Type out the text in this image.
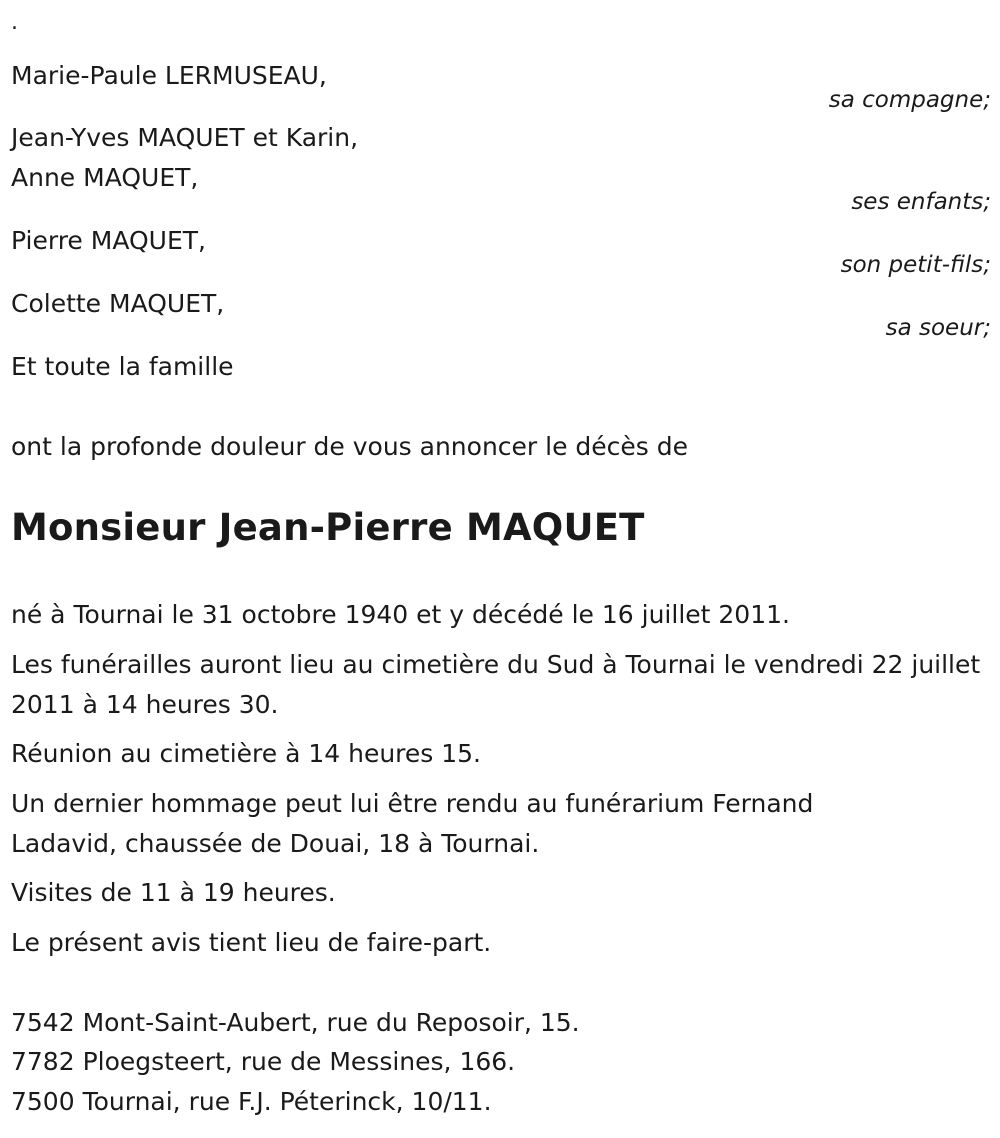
.
Marie-Paule LERMUSEAU,
sa compagne;
Jean-Yves MAQUET et Karin,
Anne MAQUET,
ses enfants;
Pierre MAQUET,
son petit-fils;
Colette MAQUET,
sa soeur;
Et toute la famille
ont la profonde douleur de vous annoncer le décès de
Monsieur Jean-Pierre MAQUET
né à Tournai le 31 octobre 1940 et y décédé le 16 juillet 2011.
Les funérailles auront lieu au cimetière du Sud à Tournai le vendredi 22 juillet 2011 à 14 heures 30.
Réunion au cimetière à 14 heures 15.
Un dernier hommage peut lui être rendu au funérarium Fernand Ladavid, chaussée de Douai, 18 à Tournai.
Visites de 11 à 19 heures.
Le présent avis tient lieu de faire-part.
7542 Mont-Saint-Aubert, rue du Reposoir, 15.
7782 Ploegsteert, rue de Messines, 166.
7500 Tournai, rue F.J. Péterinck, 10/11.
